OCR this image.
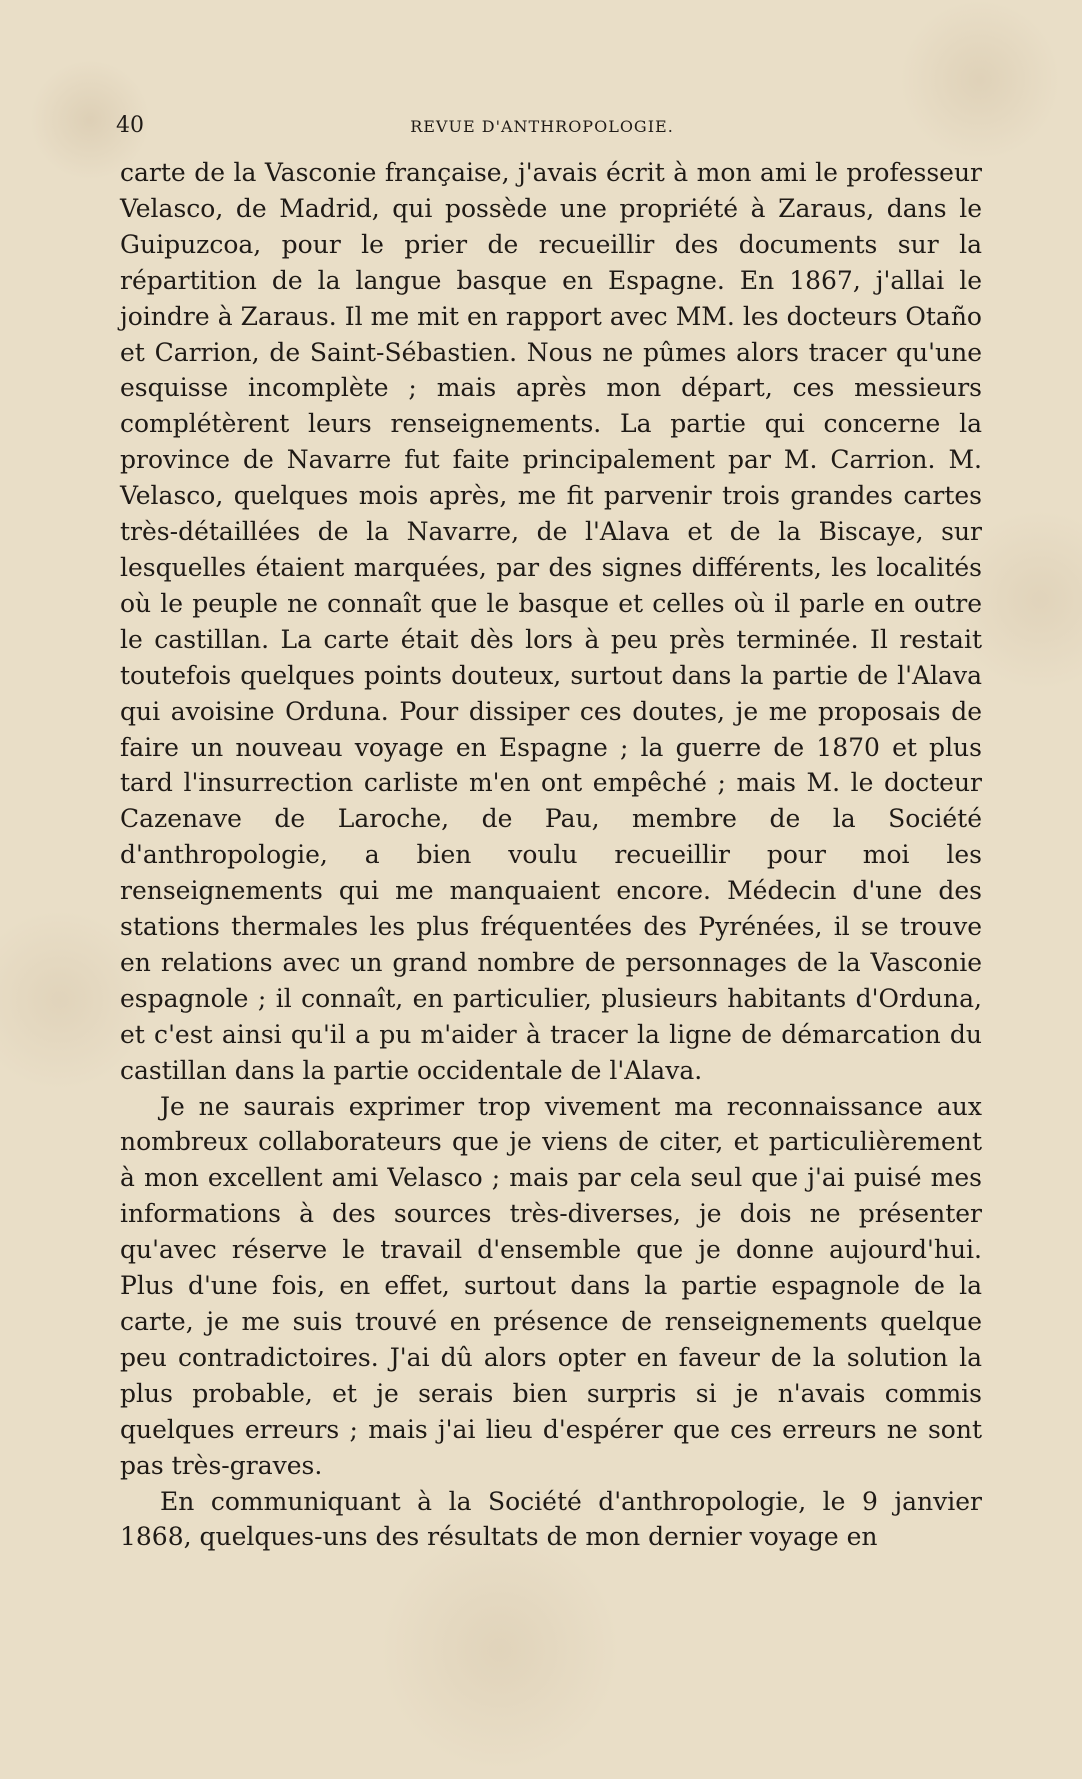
40	REVUE D'ANTHROPOLOGIE.

carte de la Vasconie française, j'avais écrit à mon ami le professeur Velasco, de Madrid, qui possède une propriété à Zaraus, dans le Guipuzcoa, pour le prier de recueillir des documents sur la répartition de la langue basque en Espagne. En 1867, j'allai le joindre à Zaraus. Il me mit en rapport avec MM. les docteurs Otaño et Carrion, de Saint-Sébastien. Nous ne pûmes alors tracer qu'une esquisse incomplète ; mais après mon départ, ces messieurs complétèrent leurs renseignements. La partie qui concerne la province de Navarre fut faite principalement par M. Carrion. M. Velasco, quelques mois après, me fit parvenir trois grandes cartes très-détaillées de la Navarre, de l'Alava et de la Biscaye, sur lesquelles étaient marquées, par des signes différents, les localités où le peuple ne connaît que le basque et celles où il parle en outre le castillan. La carte était dès lors à peu près terminée. Il restait toutefois quelques points douteux, surtout dans la partie de l'Alava qui avoisine Orduna. Pour dissiper ces doutes, je me proposais de faire un nouveau voyage en Espagne ; la guerre de 1870 et plus tard l'insurrection carliste m'en ont empêché ; mais M. le docteur Cazenave de Laroche, de Pau, membre de la Société d'anthropologie, a bien voulu recueillir pour moi les renseignements qui me manquaient encore. Médecin d'une des stations thermales les plus fréquentées des Pyrénées, il se trouve en relations avec un grand nombre de personnages de la Vasconie espagnole ; il connaît, en particulier, plusieurs habitants d'Orduna, et c'est ainsi qu'il a pu m'aider à tracer la ligne de démarcation du castillan dans la partie occidentale de l'Alava.

Je ne saurais exprimer trop vivement ma reconnaissance aux nombreux collaborateurs que je viens de citer, et particulièrement à mon excellent ami Velasco ; mais par cela seul que j'ai puisé mes informations à des sources très-diverses, je dois ne présenter qu'avec réserve le travail d'ensemble que je donne aujourd'hui. Plus d'une fois, en effet, surtout dans la partie espagnole de la carte, je me suis trouvé en présence de renseignements quelque peu contradictoires. J'ai dû alors opter en faveur de la solution la plus probable, et je serais bien surpris si je n'avais commis quelques erreurs ; mais j'ai lieu d'espérer que ces erreurs ne sont pas très-graves.

En communiquant à la Société d'anthropologie, le 9 janvier 1868, quelques-uns des résultats de mon dernier voyage en
